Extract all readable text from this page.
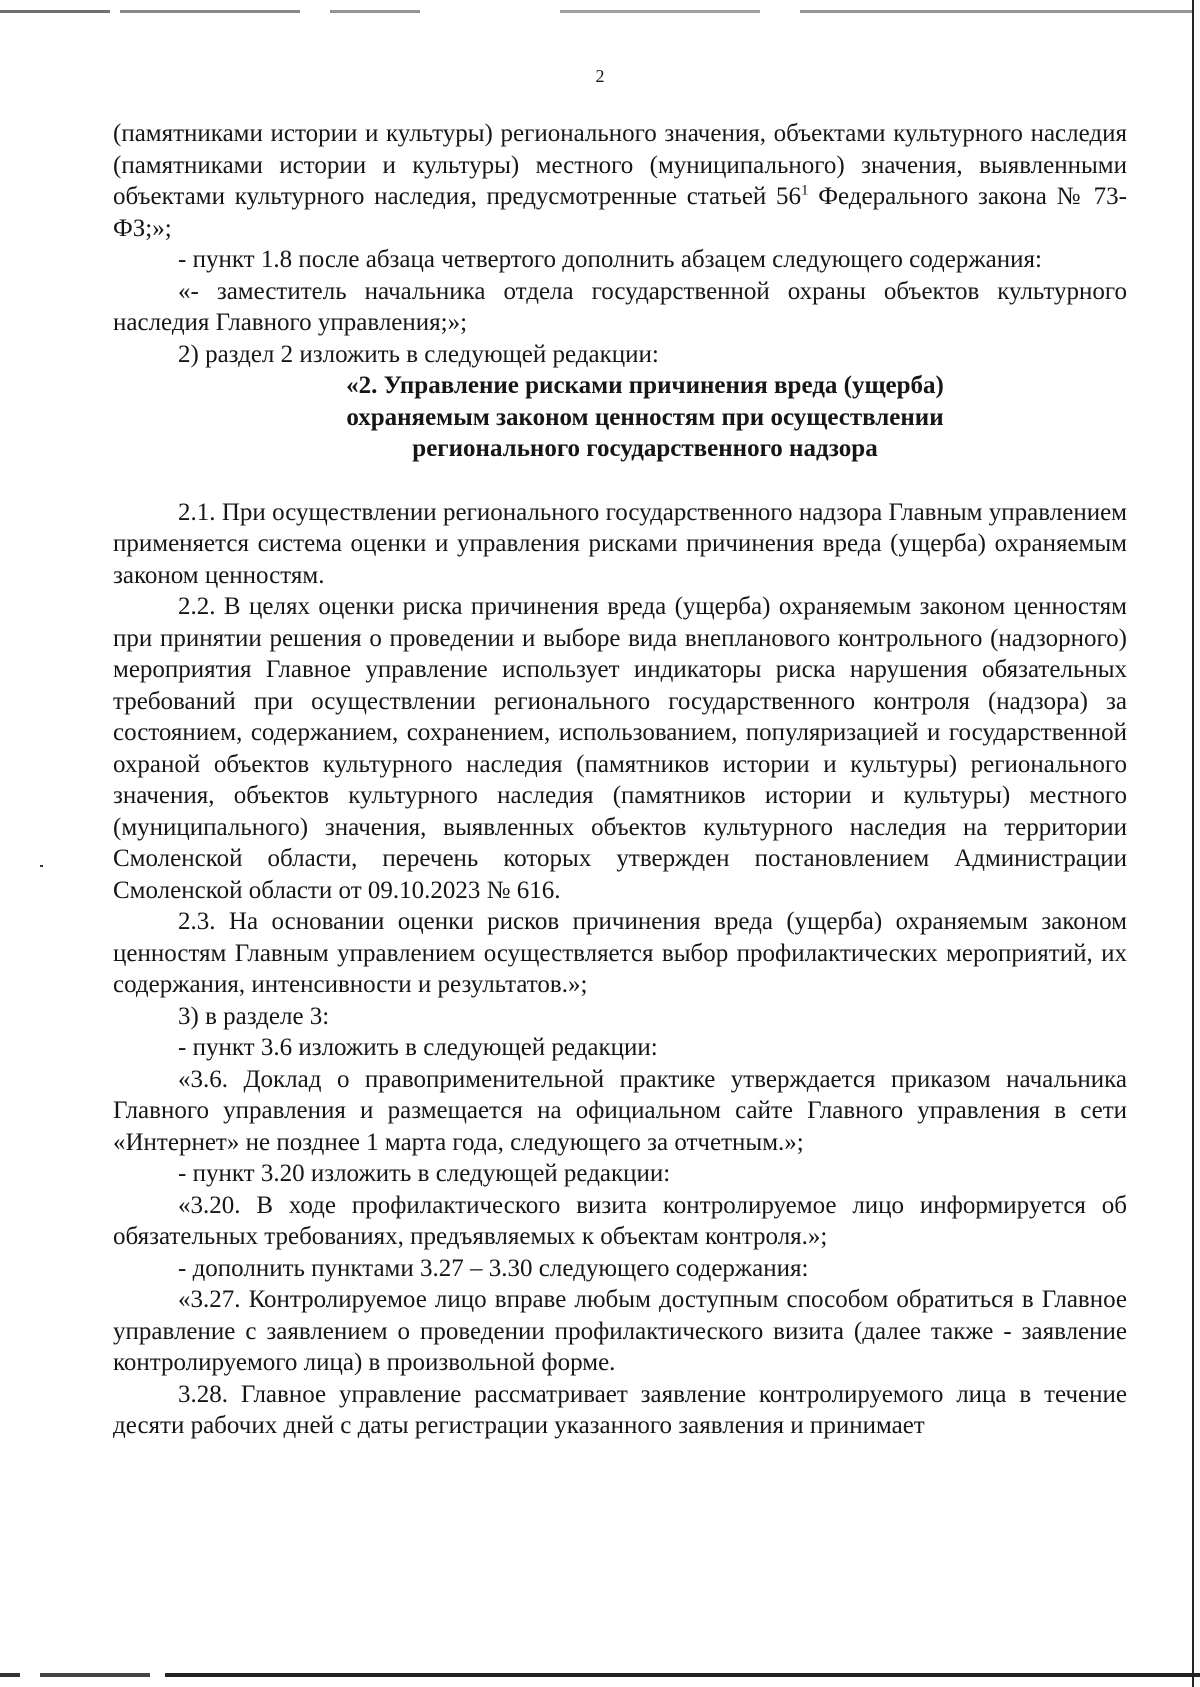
2

(памятниками истории и культуры) регионального значения, объектами культурного наследия (памятниками истории и культуры) местного (муниципального) значения, выявленными объектами культурного наследия, предусмотренные статьей $56^1$ Федерального закона № 73-ФЗ;»;

- пункт 1.8 после абзаца четвертого дополнить абзацем следующего содержания:

«- заместитель начальника отдела государственной охраны объектов культурного наследия Главного управления;»;

2) раздел 2 изложить в следующей редакции:

«2. Управление рисками причинения вреда (ущерба)

охраняемым законом ценностям при осуществлении

регионального государственного надзора

2.1. При осуществлении регионального государственного надзора Главным управлением применяется система оценки и управления рисками причинения вреда (ущерба) охраняемым законом ценностям.

2.2. В целях оценки риска причинения вреда (ущерба) охраняемым законом ценностям при принятии решения о проведении и выборе вида внепланового контрольного (надзорного) мероприятия Главное управление использует индикаторы риска нарушения обязательных требований при осуществлении регионального государственного контроля (надзора) за состоянием, содержанием, сохранением, использованием, популяризацией и государственной охраной объектов культурного наследия (памятников истории и культуры) регионального значения, объектов культурного наследия (памятников истории и культуры) местного (муниципального) значения, выявленных объектов культурного наследия на территории Смоленской области, перечень которых утвержден постановлением Администрации Смоленской области от 09.10.2023 № 616.

2.3. На основании оценки рисков причинения вреда (ущерба) охраняемым законом ценностям Главным управлением осуществляется выбор профилактических мероприятий, их содержания, интенсивности и результатов.»;

3) в разделе 3:

- пункт 3.6 изложить в следующей редакции:

«3.6. Доклад о правоприменительной практике утверждается приказом начальника Главного управления и размещается на официальном сайте Главного управления в сети «Интернет» не позднее 1 марта года, следующего за отчетным.»;

- пункт 3.20 изложить в следующей редакции:

«3.20. В ходе профилактического визита контролируемое лицо информируется об обязательных требованиях, предъявляемых к объектам контроля.»;

- дополнить пунктами 3.27 – 3.30 следующего содержания:

«3.27. Контролируемое лицо вправе любым доступным способом обратиться в Главное управление с заявлением о проведении профилактического визита (далее также - заявление контролируемого лица) в произвольной форме.

3.28. Главное управление рассматривает заявление контролируемого лица в течение десяти рабочих дней с даты регистрации указанного заявления и принимает
